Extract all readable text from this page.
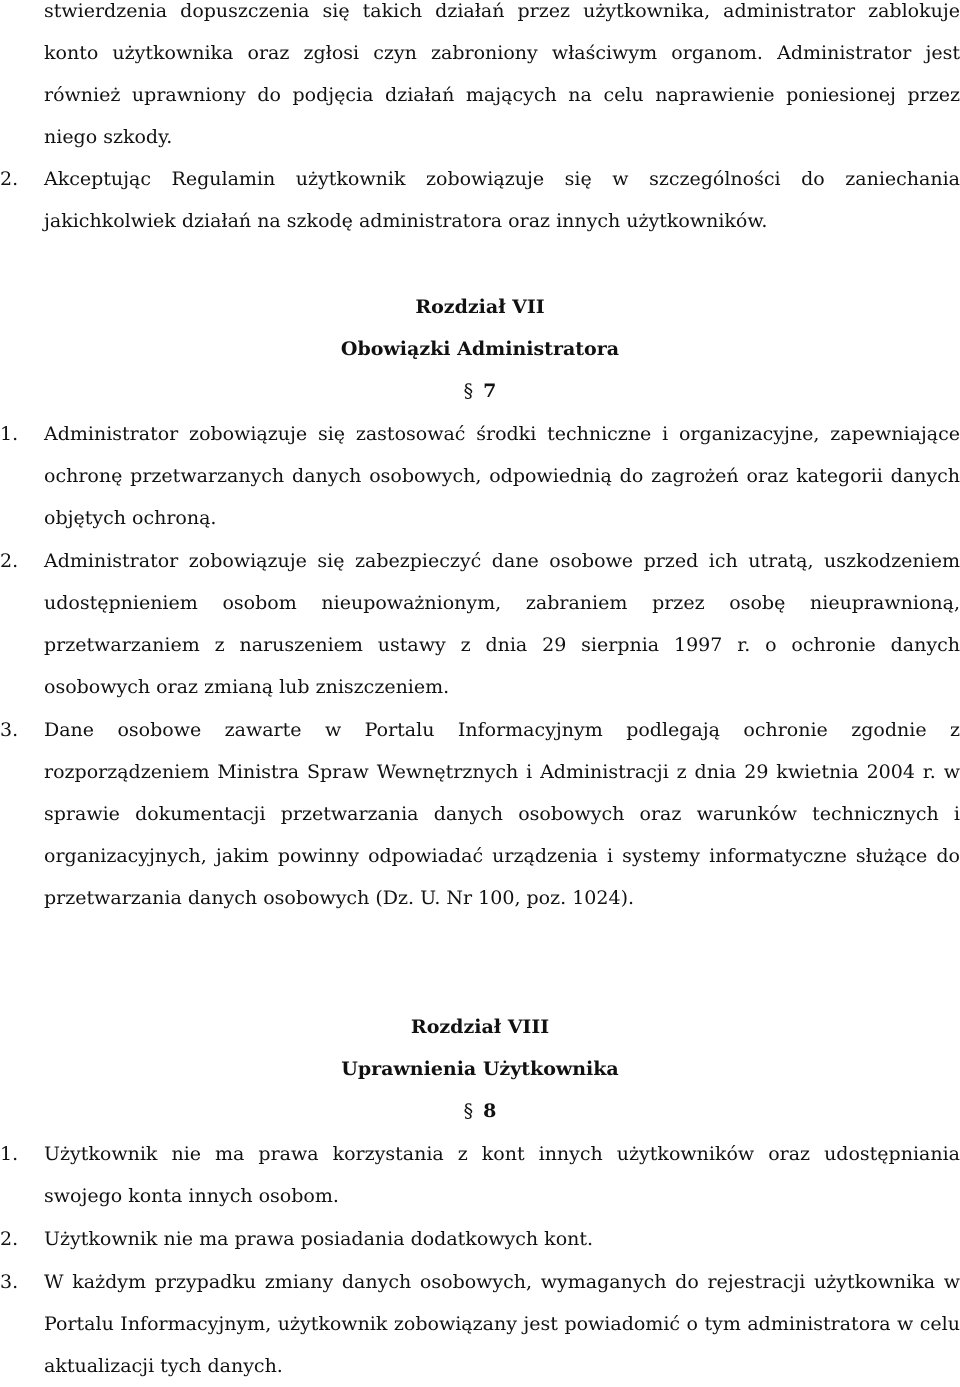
stwierdzenia dopuszczenia się takich działań przez użytkownika, administrator zablokuje konto użytkownika oraz zgłosi czyn zabroniony właściwym organom. Administrator jest również uprawniony do podjęcia działań mających na celu naprawienie poniesionej przez niego szkody.

2.	Akceptując Regulamin użytkownik zobowiązuje się w szczególności do zaniechania jakichkolwiek działań na szkodę administratora oraz innych użytkowników.

Rozdział VII

Obowiązki Administratora

§ 7

1.	Administrator zobowiązuje się zastosować środki techniczne i organizacyjne, zapewniające ochronę przetwarzanych danych osobowych, odpowiednią do zagrożeń oraz kategorii danych objętych ochroną.

2.	Administrator zobowiązuje się zabezpieczyć dane osobowe przed ich utratą, uszkodzeniem udostępnieniem osobom nieupoważnionym, zabraniem przez osobę nieuprawnioną, przetwarzaniem z naruszeniem ustawy z dnia 29 sierpnia 1997 r. o ochronie danych osobowych oraz zmianą lub zniszczeniem.

3.	Dane osobowe zawarte w Portalu Informacyjnym podlegają ochronie zgodnie z rozporządzeniem Ministra Spraw Wewnętrznych i Administracji z dnia 29 kwietnia 2004 r. w sprawie dokumentacji przetwarzania danych osobowych oraz warunków technicznych i organizacyjnych, jakim powinny odpowiadać urządzenia i systemy informatyczne służące do przetwarzania danych osobowych (Dz. U. Nr 100, poz. 1024).

Rozdział VIII

Uprawnienia Użytkownika

§ 8

1.	Użytkownik nie ma prawa korzystania z kont innych użytkowników oraz udostępniania swojego konta innych osobom.

2.	Użytkownik nie ma prawa posiadania dodatkowych kont.

3.	W każdym przypadku zmiany danych osobowych, wymaganych do rejestracji użytkownika w Portalu Informacyjnym, użytkownik zobowiązany jest powiadomić o tym administratora w celu aktualizacji tych danych.
